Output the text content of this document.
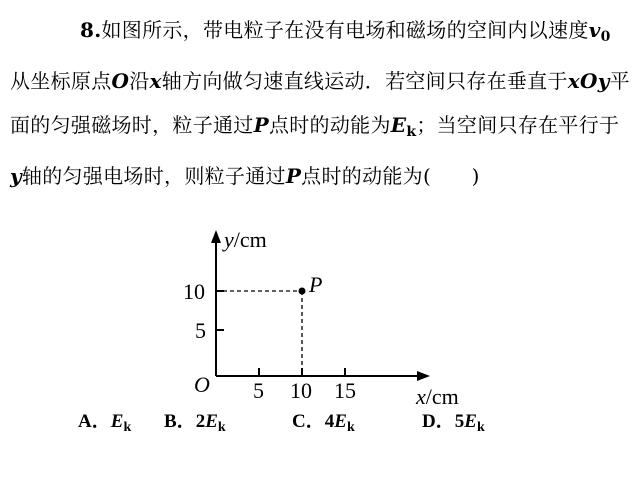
8.如图所示，带电粒子在没有电场和磁场的空间内以速度$v_0$从坐标原点O沿x轴方向做匀速直线运动．若空间只存在垂直于xOy平面的匀强磁场时，粒子通过P点时的动能为$E_k$；当空间只存在平行于y轴的匀强电场时，则粒子通过P点时的动能为(　　)
y/cm
10
5
O
P
5 10 15	x/cm
A．$E_k$ B．$2E_k$	C．$4E_k$	D．$5E_k$
